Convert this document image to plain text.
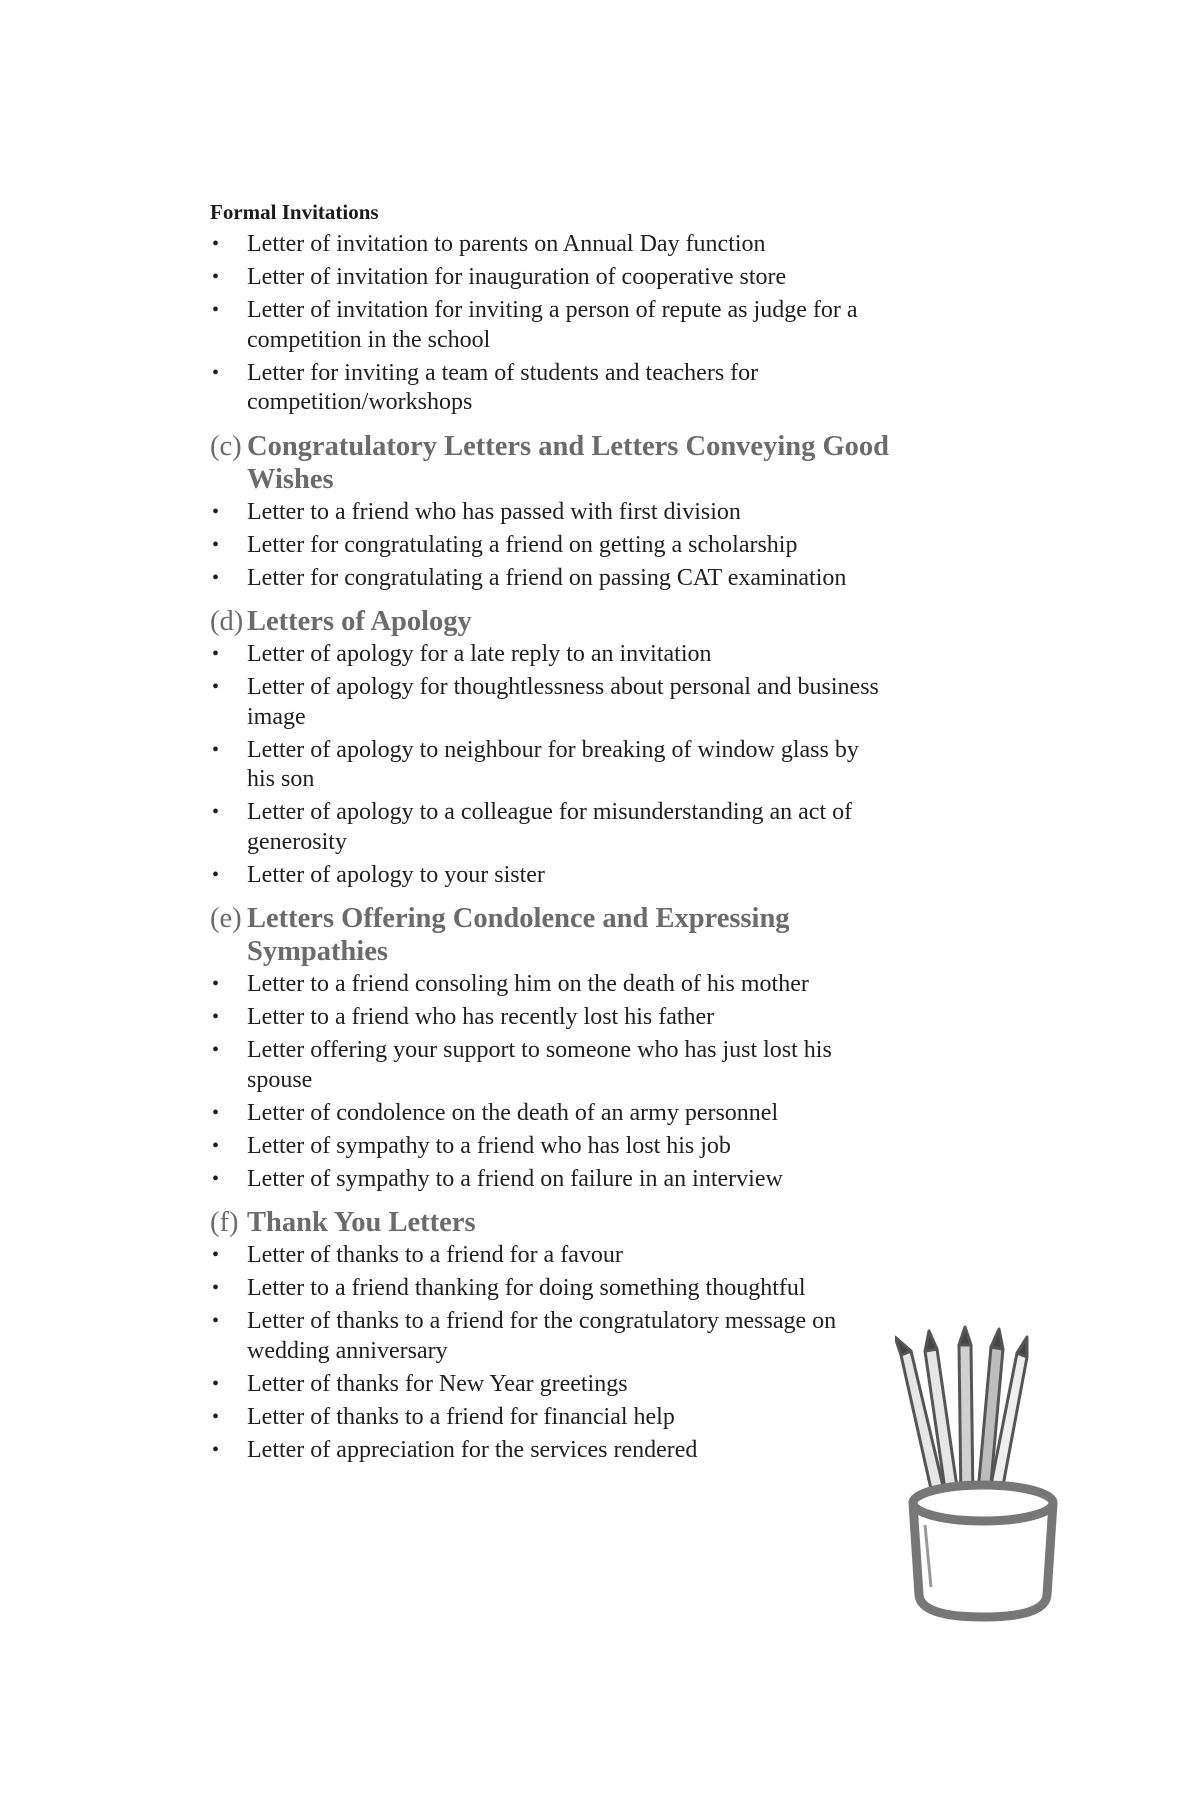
Formal Invitations
•	Letter of invitation to parents on Annual Day function
•	Letter of invitation for inauguration of cooperative store
•	Letter of invitation for inviting a person of repute as judge for a competition in the school
•	Letter for inviting a team of students and teachers for competition/workshops
(c) Congratulatory Letters and Letters Conveying Good Wishes
•	Letter to a friend who has passed with first division
•	Letter for congratulating a friend on getting a scholarship
•	Letter for congratulating a friend on passing CAT examination
(d) Letters of Apology
•	Letter of apology for a late reply to an invitation
•	Letter of apology for thoughtlessness about personal and business image
•	Letter of apology to neighbour for breaking of window glass by his son
•	Letter of apology to a colleague for misunderstanding an act of generosity
•	Letter of apology to your sister
(e) Letters Offering Condolence and Expressing Sympathies
•	Letter to a friend consoling him on the death of his mother
•	Letter to a friend who has recently lost his father
•	Letter offering your support to someone who has just lost his spouse
•	Letter of condolence on the death of an army personnel
•	Letter of sympathy to a friend who has lost his job
•	Letter of sympathy to a friend on failure in an interview
(f) Thank You Letters
•	Letter of thanks to a friend for a favour
•	Letter to a friend thanking for doing something thoughtful
•	Letter of thanks to a friend for the congratulatory message on wedding anniversary
•	Letter of thanks for New Year greetings
•	Letter of thanks to a friend for financial help
•	Letter of appreciation for the services rendered
